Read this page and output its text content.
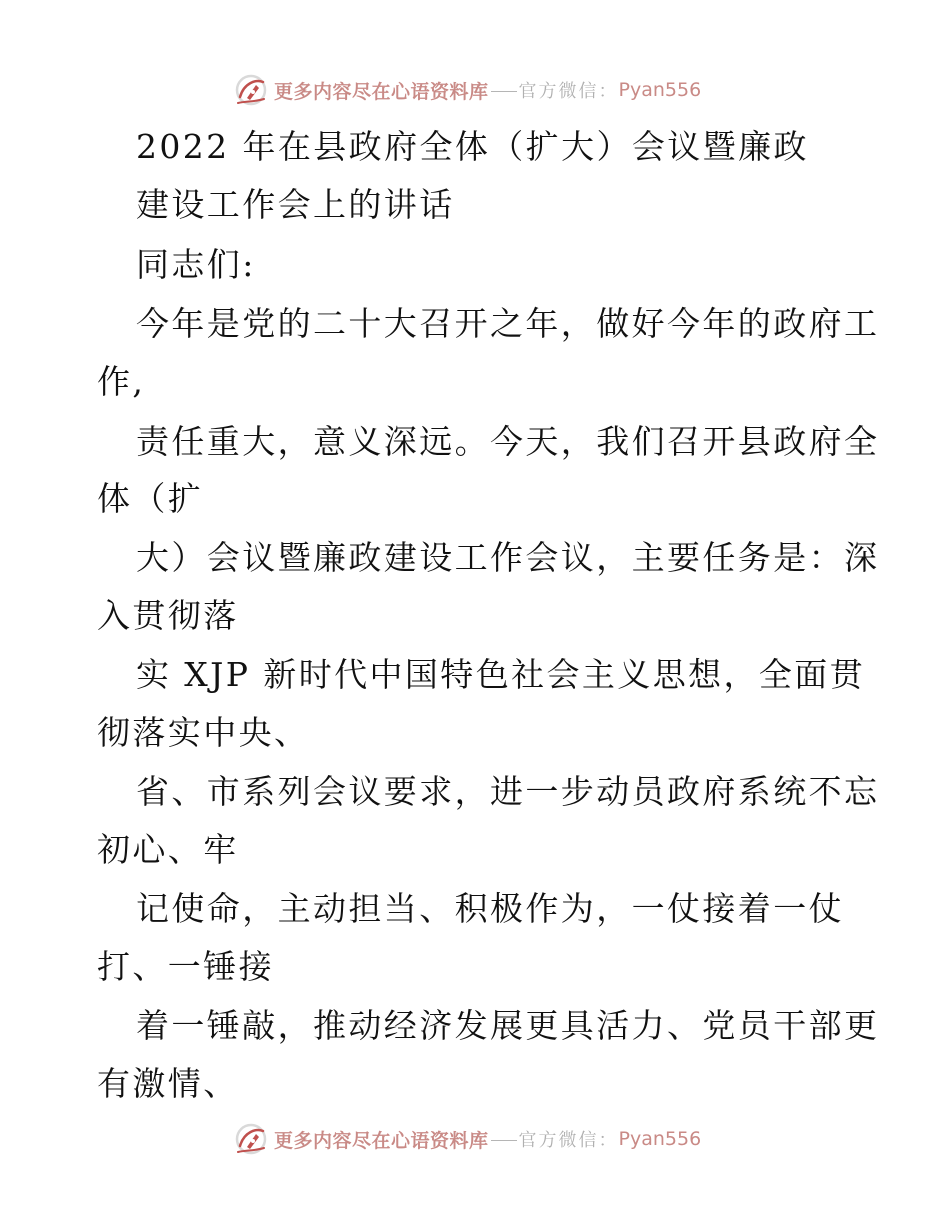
更多内容尽在心语资料库 官方微信： Pyan556
2022 年在县政府全体（扩大）会议暨廉政
建设工作会上的讲话
同志们:
今年是党的二十大召开之年，做好今年的政府工
作,
责任重大，意义深远。今天，我们召开县政府全
体（扩
大）会议暨廉政建设工作会议，主要任务是：深
入贯彻落
实 XJP 新时代中国特色社会主义思想，全面贯
彻落实中央、
省、市系列会议要求，进一步动员政府系统不忘
初心、牢
记使命，主动担当、积极作为，一仗接着一仗
打、一锤接
着一锤敲，推动经济发展更具活力、党员干部更
有激情、
更多内容尽在心语资料库 官方微信： Pyan556
